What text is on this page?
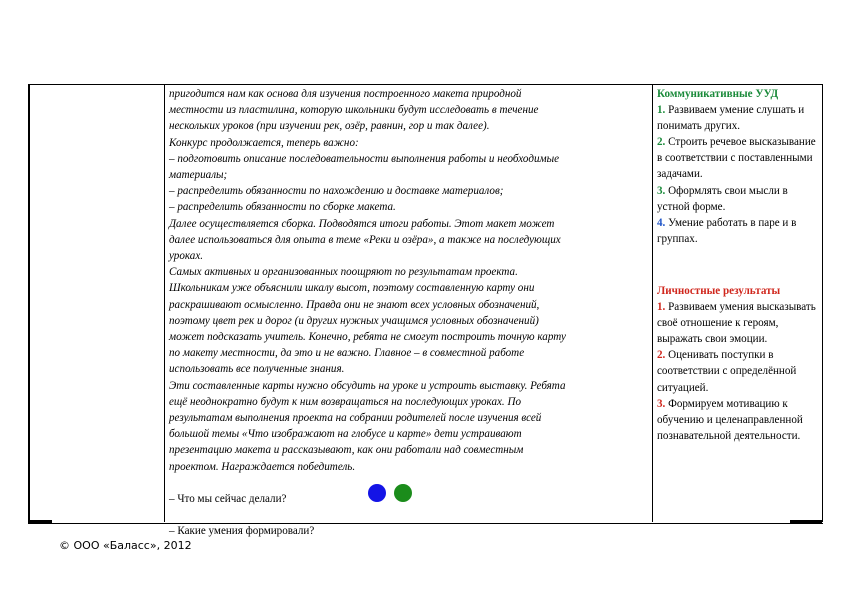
пригодится нам как основа для изучения построенного макета природной

местности из пластилина, которую школьники будут исследовать в течение

нескольких уроков (при изучении рек, озёр, равнин, гор и так далее).

Конкурс продолжается, теперь важно:

– подготовить описание последовательности выполнения работы и необходимые

материалы;

– распределить обязанности по нахождению и доставке материалов;

– распределить обязанности по сборке макета.

Далее осуществляется сборка. Подводятся итоги работы. Этот макет может

далее использоваться для опыта в теме «Реки и озёра», а также на последующих

уроках.

Самых активных и организованных поощряют по результатам проекта.

Школьникам уже объяснили шкалу высот, поэтому составленную карту они

раскрашивают осмысленно. Правда они не знают всех условных обозначений,

поэтому цвет рек и дорог (и других нужных учащимся условных обозначений)

может подсказать учитель. Конечно, ребята не смогут построить точную карту

по макету местности, да это и не важно. Главное – в совместной работе

использовать все полученные знания.

Эти составленные карты нужно обсудить на уроке и устроить выставку. Ребята

ещё неоднократно будут к ним возвращаться на последующих уроках. По

результатам выполнения проекта на собрании родителей после изучения всей

большой темы «Что изображают на глобусе и карте» дети устраивают

презентацию макета и рассказывают, как они работали над совместным

проектом. Награждается победитель.

– Что мы сейчас делали?

– Какие умения формировали?

Коммуникативные УУД

1. Развиваем умение слушать и понимать других.

2. Строить речевое высказывание в соответствии с поставленными задачами.

3. Оформлять свои мысли в устной форме.

4. Умение работать в паре и в группах.

Личностные результаты

1. Развиваем умения высказывать своё отношение к героям, выражать свои эмоции.

2. Оценивать поступки в соответствии с определённой ситуацией.

3. Формируем мотивацию к обучению и целенаправленной познавательной деятельности.

© ООО «Баласс», 2012
